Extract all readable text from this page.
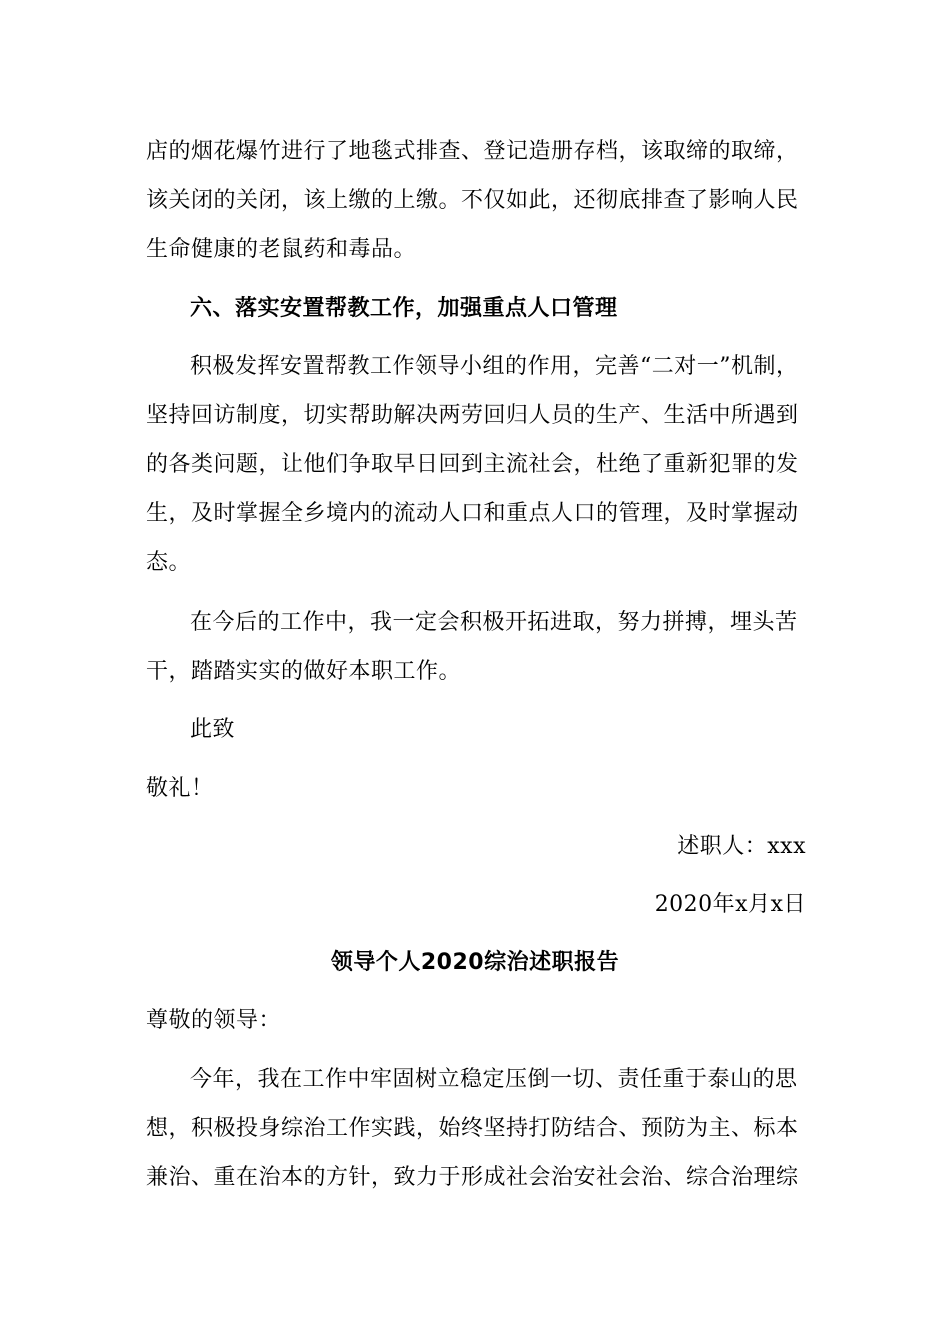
店的烟花爆竹进行了地毯式排查、登记造册存档，该取缔的取缔，
该关闭的关闭，该上缴的上缴。不仅如此，还彻底排查了影响人民
生命健康的老鼠药和毒品。
六、落实安置帮教工作，加强重点人口管理
积极发挥安置帮教工作领导小组的作用，完善“二对一”机制，
坚持回访制度，切实帮助解决两劳回归人员的生产、生活中所遇到
的各类问题，让他们争取早日回到主流社会，杜绝了重新犯罪的发
生，及时掌握全乡境内的流动人口和重点人口的管理，及时掌握动
态。
在今后的工作中，我一定会积极开拓进取，努力拼搏，埋头苦
干，踏踏实实的做好本职工作。
此致
敬礼！
述职人：xxx
2020年x月x日
领导个人2020综治述职报告
尊敬的领导：
今年，我在工作中牢固树立稳定压倒一切、责任重于泰山的思
想，积极投身综治工作实践，始终坚持打防结合、预防为主、标本
兼治、重在治本的方针，致力于形成社会治安社会治、综合治理综
